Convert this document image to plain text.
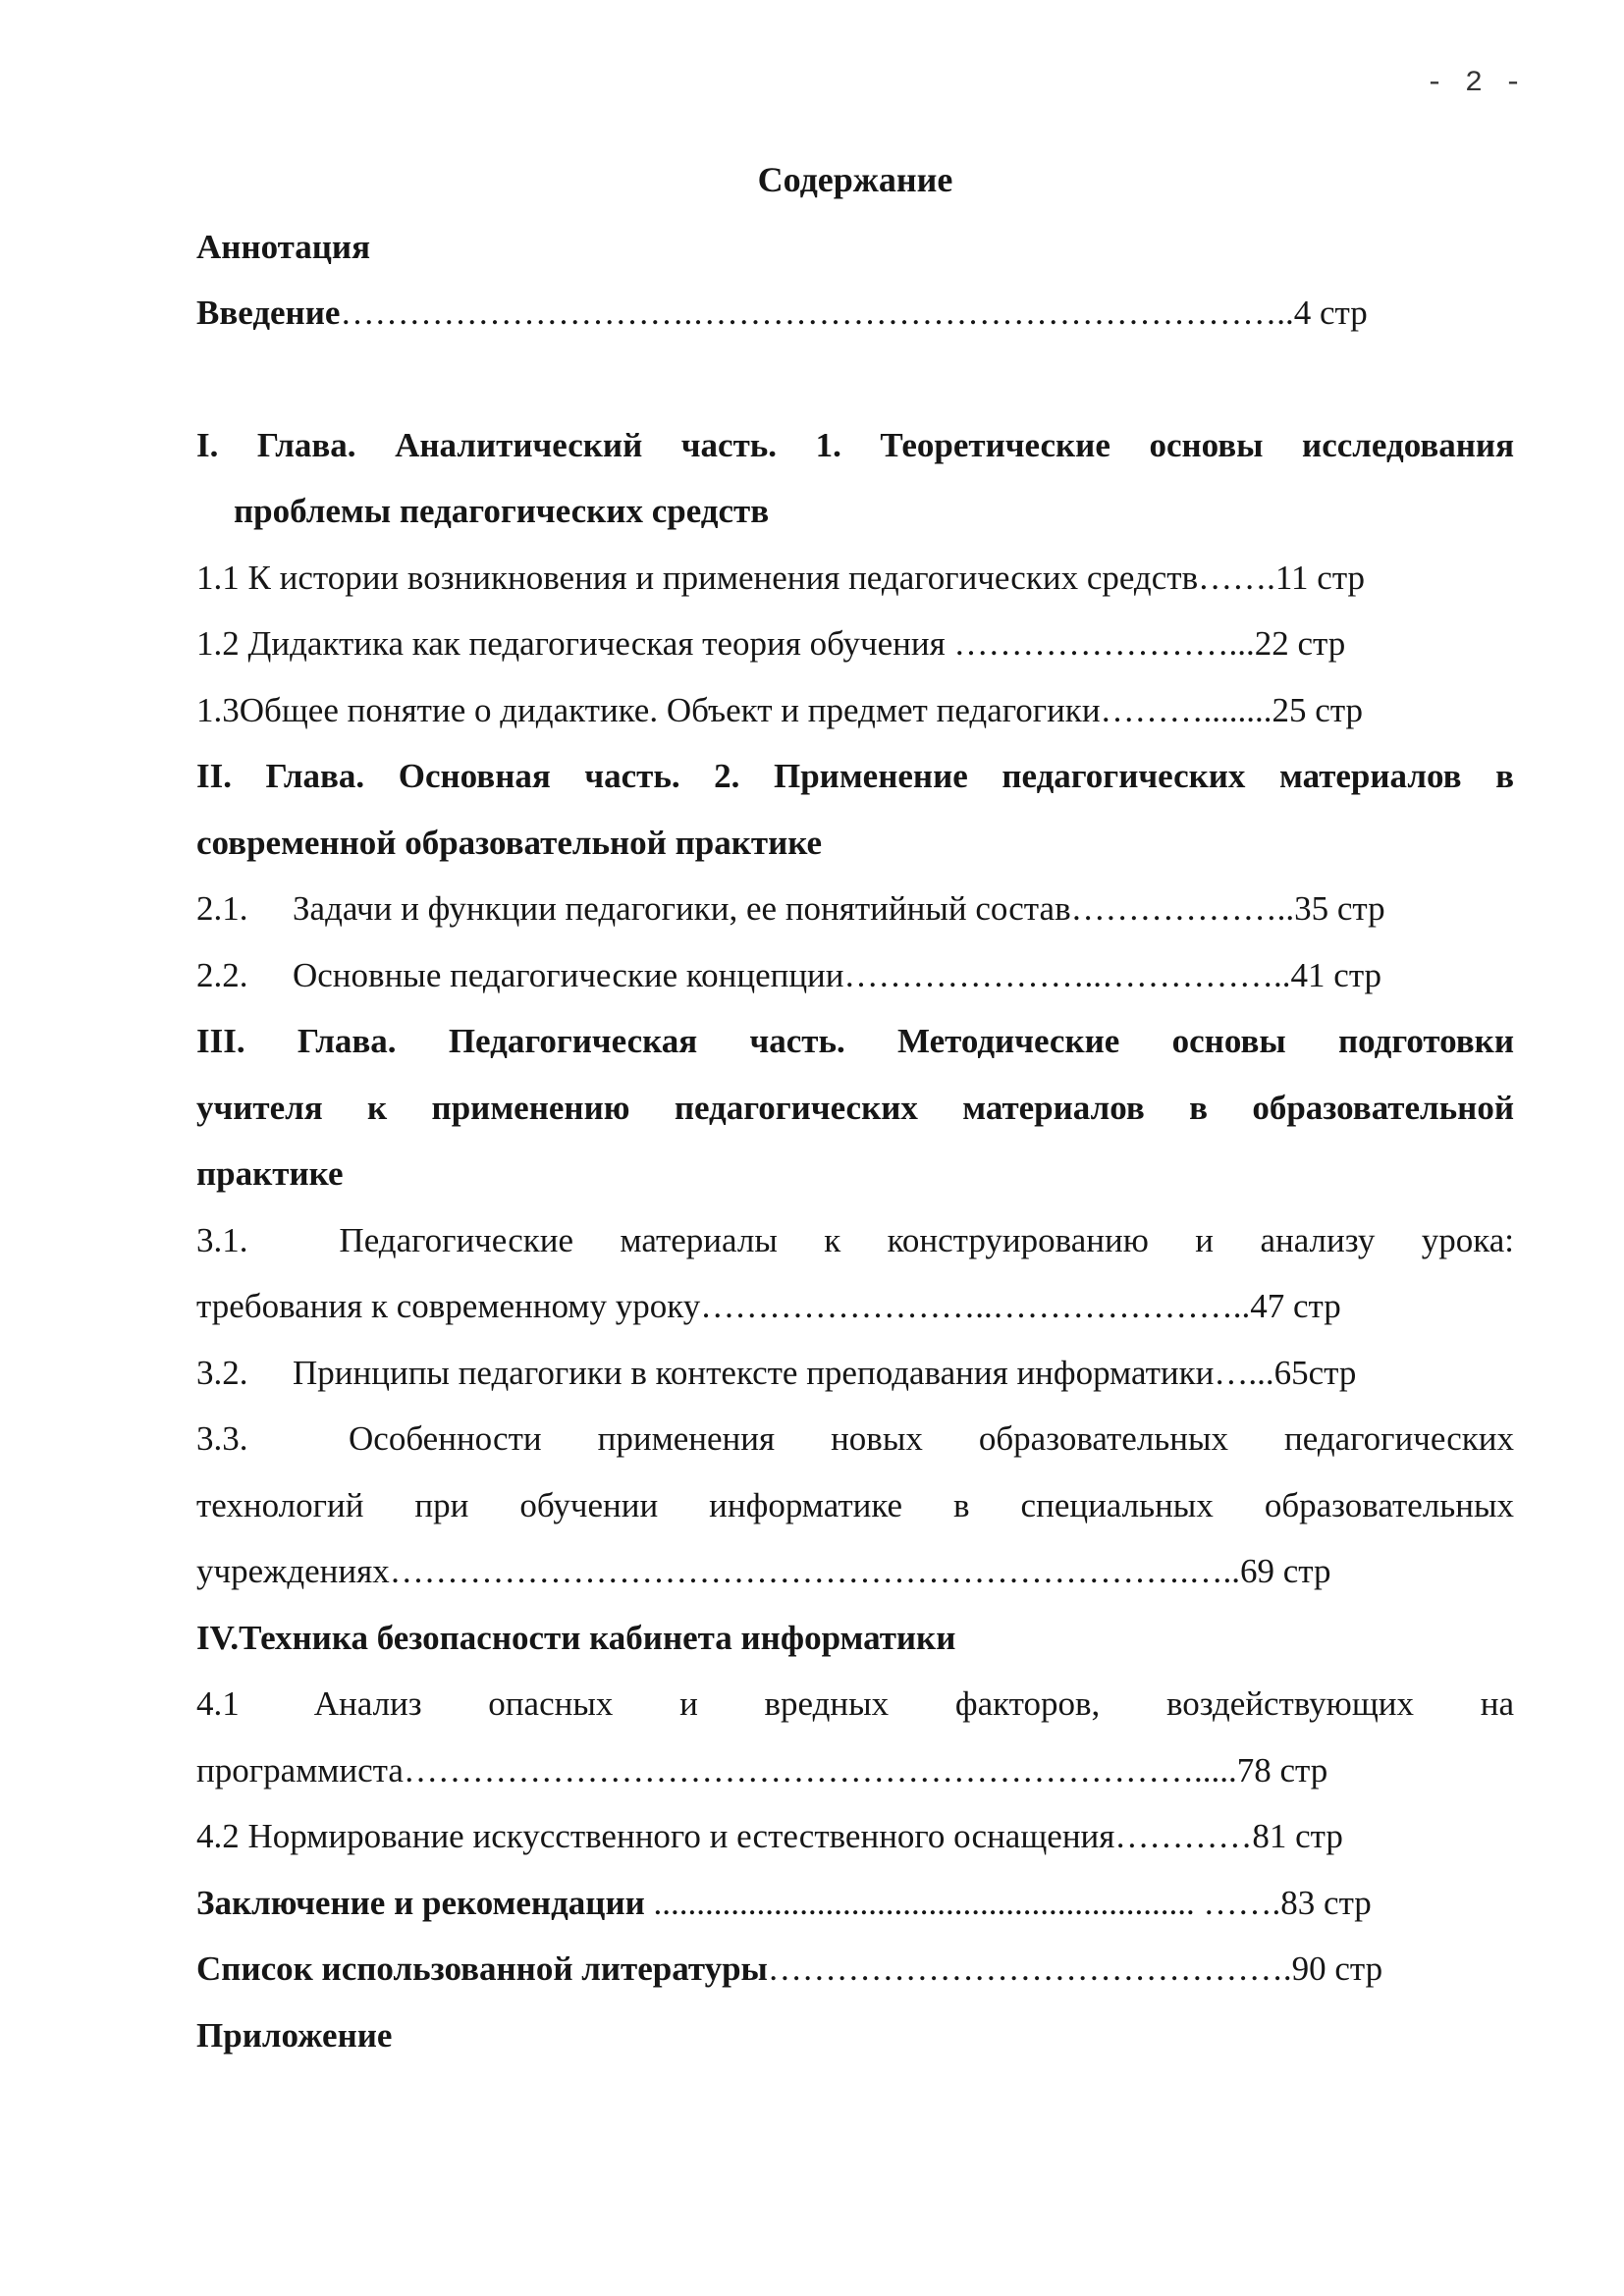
- 2 -
Содержание
Аннотация
Введение………………………….……………………………………………..4 стр
I. Глава. Аналитический часть. 1. Теоретические основы исследования
проблемы педагогических средств
1.1 К истории возникновения и применения педагогических средств…….11 стр
1.2 Дидактика как педагогическая теория обучения ……………………...22 стр
1.3Общее понятие о дидактике. Объект и предмет педагогики………........25 стр
II. Глава. Основная часть. 2. Применение педагогических материалов в
современной образовательной практике
2.1. Задачи и функции педагогики, ее понятийный состав………………..35 стр
2.2. Основные педагогические концепции…………………..……………..41 стр
III. Глава. Педагогическая часть. Методические основы подготовки
учителя к применению педагогических материалов в образовательной
практике
3.1.	Педагогические материалы к конструированию и анализу урока:
требования к современному уроку……………………..…………………..47 стр
3.2. Принципы педагогики в контексте преподавания информатики…...65стр
3.3.	Особенности применения новых образовательных педагогических
технологий при обучении информатике в специальных образовательных
учреждениях…………………………………………………………….…..69 стр
IV.Техника безопасности кабинета информатики
4.1 Анализ опасных и вредных факторов, воздействующих на
программиста…………………………………………………………….....78 стр
4.2 Нормирование искусственного и естественного оснащения…………81 стр
Заключение и рекомендации ............................................................... …….83 стр
Список использованной литературы……………………………………….90 стр
Приложение
